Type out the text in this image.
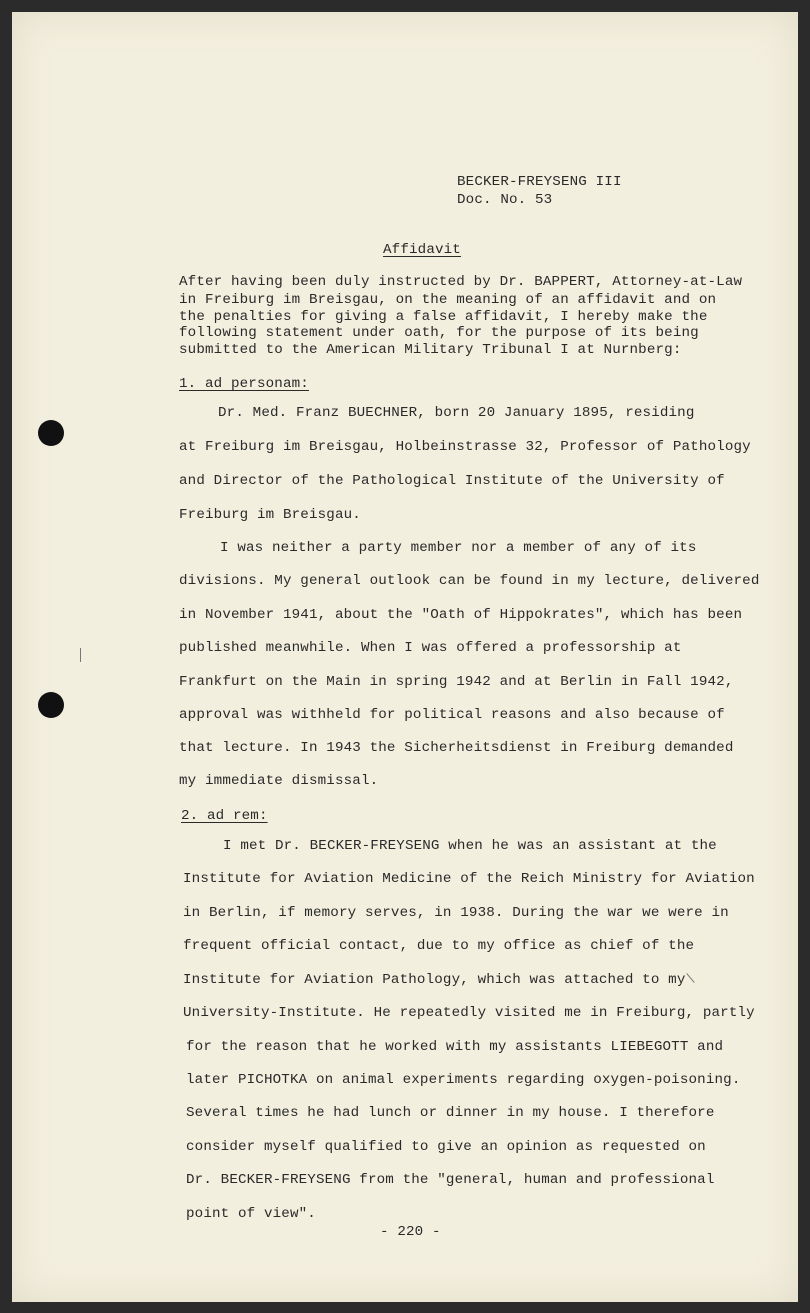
BECKER-FREYSENG III
Doc. No. 53
Affidavit
After having been duly instructed by Dr. BAPPERT, Attorney-at-Law
in Freiburg im Breisgau, on the meaning of an affidavit and on
the penalties for giving a false affidavit, I hereby make the
following statement under oath, for the purpose of its being
submitted to the American Military Tribunal I at Nurnberg:
1. ad personam:
Dr. Med. Franz BUECHNER, born 20 January 1895, residing
at Freiburg im Breisgau, Holbeinstrasse 32, Professor of Pathology
and Director of the Pathological Institute of the University of
Freiburg im Breisgau.
I was neither a party member nor a member of any of its
divisions. My general outlook can be found in my lecture, delivered
in November 1941, about the "Oath of Hippokrates", which has been
published meanwhile. When I was offered a professorship at
Frankfurt on the Main in spring 1942 and at Berlin in Fall 1942,
approval was withheld for political reasons and also because of
that lecture. In 1943 the Sicherheitsdienst in Freiburg demanded
my immediate dismissal.
2. ad rem:
I met Dr. BECKER-FREYSENG when he was an assistant at the
Institute for Aviation Medicine of the Reich Ministry for Aviation
in Berlin, if memory serves, in 1938. During the war we were in
frequent official contact, due to my office as chief of the
Institute for Aviation Pathology, which was attached to my
University-Institute. He repeatedly visited me in Freiburg, partly
for the reason that he worked with my assistants LIEBEGOTT and
later PICHOTKA on animal experiments regarding oxygen-poisoning.
Several times he had lunch or dinner in my house. I therefore
consider myself qualified to give an opinion as requested on
Dr. BECKER-FREYSENG from the "general, human and professional
point of view".
- 220 -
